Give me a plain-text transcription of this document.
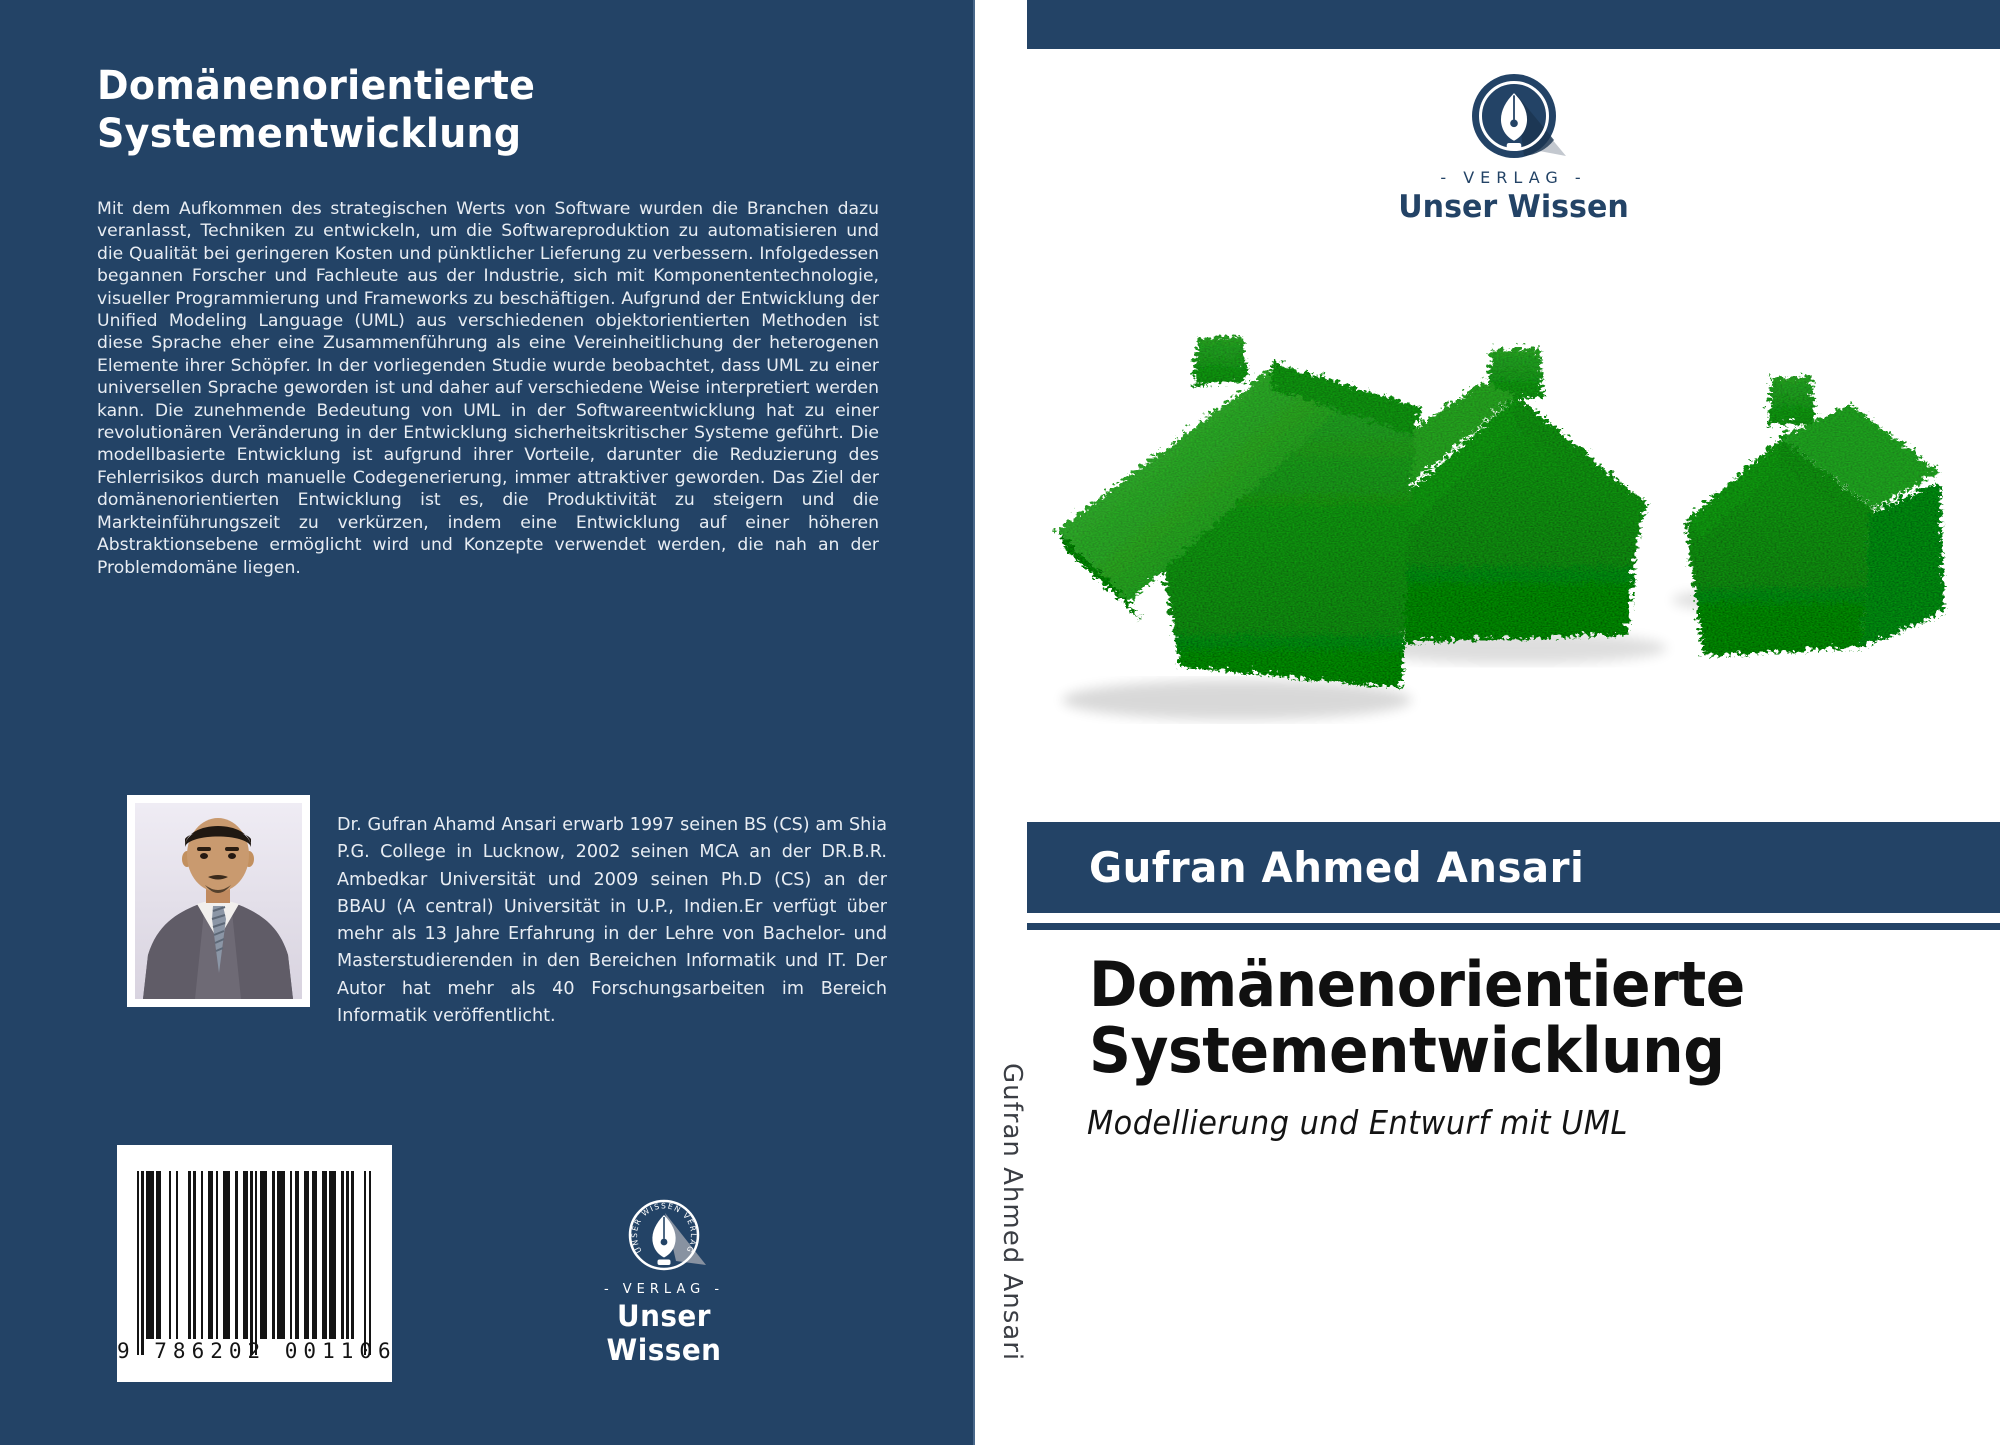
Domänenorientierte
Systementwicklung
Mit dem Aufkommen des strategischen Werts von Software wurden die Branchen dazu veranlasst, Techniken zu entwickeln, um die Softwareproduktion zu automatisieren und die Qualität bei geringeren Kosten und pünktlicher Lieferung zu verbessern. Infolgedessen begannen Forscher und Fachleute aus der Industrie, sich mit Komponententechnologie, visueller Programmierung und Frameworks zu beschäftigen. Aufgrund der Entwicklung der Unified Modeling Language (UML) aus verschiedenen objektorientierten Methoden ist diese Sprache eher eine Zusammenführung als eine Vereinheitlichung der heterogenen Elemente ihrer Schöpfer. In der vorliegenden Studie wurde beobachtet, dass UML zu einer universellen Sprache geworden ist und daher auf verschiedene Weise interpretiert werden kann. Die zunehmende Bedeutung von UML in der Softwareentwicklung hat zu einer revolutionären Veränderung in der Entwicklung sicherheitskritischer Systeme geführt. Die modellbasierte Entwicklung ist aufgrund ihrer Vorteile, darunter die Reduzierung des Fehlerrisikos durch manuelle Codegenerierung, immer attraktiver geworden. Das Ziel der domänenorientierten Entwicklung ist es, die Produktivität zu steigern und die Markteinführungszeit zu verkürzen, indem eine Entwicklung auf einer höheren Abstraktionsebene ermöglicht wird und Konzepte verwendet werden, die nah an der Problemdomäne liegen.
Dr. Gufran Ahamd Ansari erwarb 1997 seinen BS (CS) am Shia P.G. College in Lucknow, 2002 seinen MCA an der DR.B.R. Ambedkar Universität und 2009 seinen Ph.D (CS) an der BBAU (A central) Universität in U.P., Indien.Er verfügt über mehr als 13 Jahre Erfahrung in der Lehre von Bachelor- und Masterstudierenden in den Bereichen Informatik und IT. Der Autor hat mehr als 40 Forschungsarbeiten im Bereich Informatik veröffentlicht.
9 786202 001106
UNSER WISSEN VERLAG
- VERLAG -
Unser Wissen	Gufran Ahmed Ansari
- VERLAG -
Unser Wissen
Gufran Ahmed Ansari
Domänenorientierte
Systementwicklung
Modellierung und Entwurf mit UML
